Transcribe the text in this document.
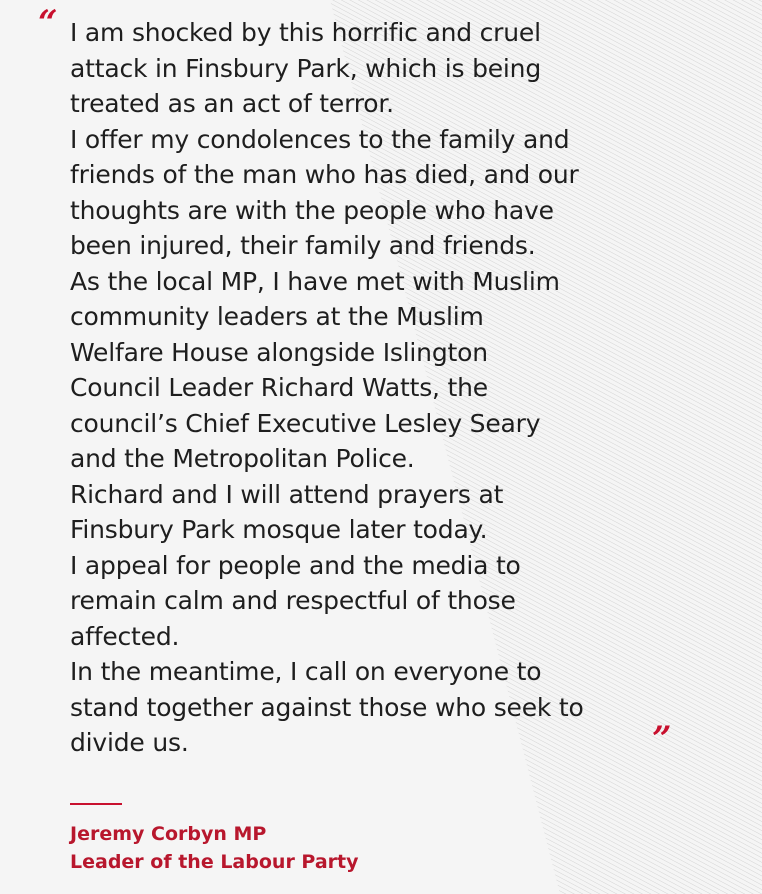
“ I am shocked by this horrific and cruel
attack in Finsbury Park, which is being
treated as an act of terror.
I offer my condolences to the family and
friends of the man who has died, and our
thoughts are with the people who have
been injured, their family and friends.
As the local MP, I have met with Muslim
community leaders at the Muslim
Welfare House alongside Islington
Council Leader Richard Watts, the
council’s Chief Executive Lesley Seary
and the Metropolitan Police.
Richard and I will attend prayers at
Finsbury Park mosque later today.
I appeal for people and the media to
remain calm and respectful of those
affected.
In the meantime, I call on everyone to
stand together against those who seek to
divide us.	”
Jeremy Corbyn MP
Leader of the Labour Party
